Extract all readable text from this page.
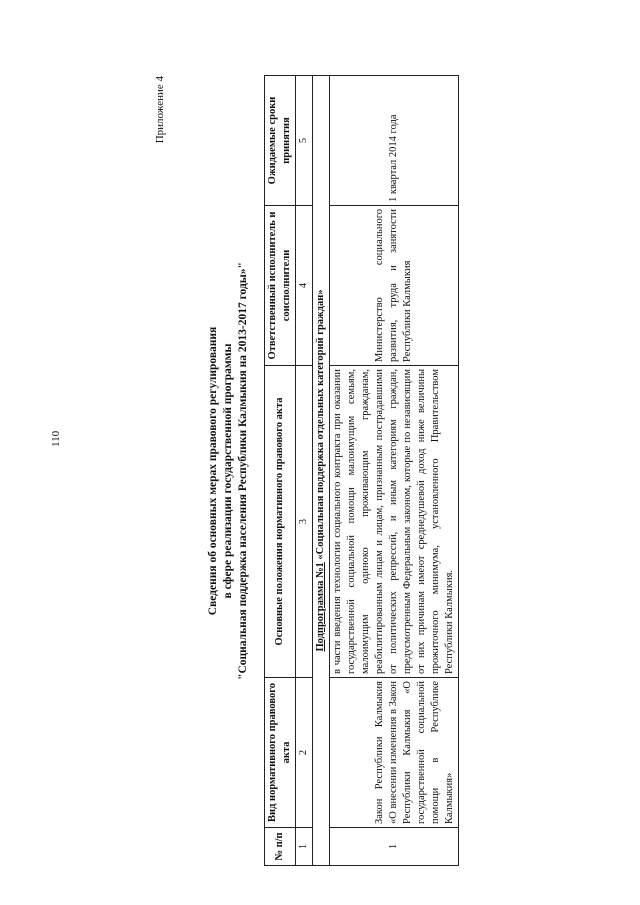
110
Приложение 4
Сведения об основных мерах правового регулирования в сфере реализации государственной программы "Социальная поддержка населения Республики Калмыкия на 2013-2017 годы»"
№ п/п	Вид нормативного правового акта	Основные положения нормативного правового акта	Ответственный исполнитель и соисполнители	Ожидаемые сроки принятия
1	2	3	4	5
Подпрограмма №1 «Социальная поддержка отдельных категорий граждан»				
1	Закон Республики Калмыкия «О внесении изменения в Закон Республики Калмыкия «О государственной социальной помощи в Республике Калмыкия»	в части введения технологии социального контракта при оказании государственной социальной помощи малоимущим семьям, малоимущим одиноко проживающим гражданам, реабилитированным лицам и лицам, признанным пострадавшими от политических репрессий, и иным категориям граждан, предусмотренным Федеральным законом, которые по независящим от них причинам имеют среднедушевой доход ниже величины прожиточного минимума, установленного Правительством Республики Калмыкия.	Министерство социального развития, труда и занятости Республики Калмыкия	1 квартал 2014 года
